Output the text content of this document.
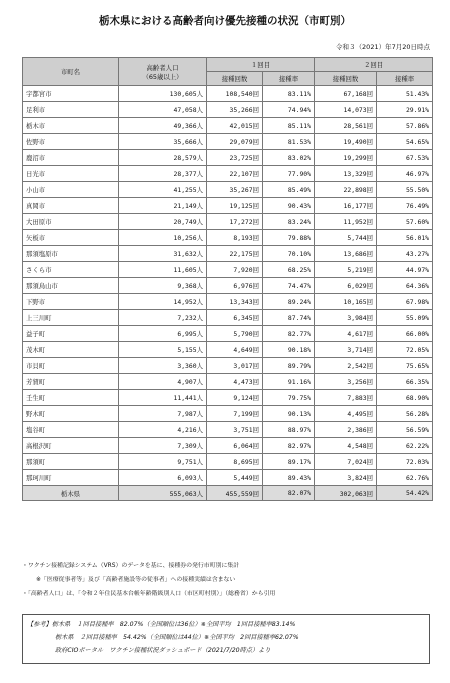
栃木県における高齢者向け優先接種の状況（市町別）
令和３（2021）年7月20日時点
市町名	高齢者人口
（65歳以上）	１回目		２回目	
		接種回数	接種率	接種回数	接種率
宇都宮市	130,605人	108,540回	83.11%	67,168回	51.43%
足利市	47,058人	35,266回	74.94%	14,073回	29.91%
栃木市	49,366人	42,015回	85.11%	28,561回	57.86%
佐野市	35,666人	29,079回	81.53%	19,490回	54.65%
鹿沼市	28,579人	23,725回	83.02%	19,299回	67.53%
日光市	28,377人	22,107回	77.90%	13,329回	46.97%
小山市	41,255人	35,267回	85.49%	22,898回	55.50%
真岡市	21,149人	19,125回	90.43%	16,177回	76.49%
大田原市	20,749人	17,272回	83.24%	11,952回	57.60%
矢板市	10,256人	8,193回	79.88%	5,744回	56.01%
那須塩原市	31,632人	22,175回	70.10%	13,686回	43.27%
さくら市	11,605人	7,920回	68.25%	5,219回	44.97%
那須烏山市	9,368人	6,976回	74.47%	6,029回	64.36%
下野市	14,952人	13,343回	89.24%	10,165回	67.98%
上三川町	7,232人	6,345回	87.74%	3,984回	55.09%
益子町	6,995人	5,790回	82.77%	4,617回	66.00%
茂木町	5,155人	4,649回	90.18%	3,714回	72.05%
市貝町	3,360人	3,017回	89.79%	2,542回	75.65%
芳賀町	4,907人	4,473回	91.16%	3,256回	66.35%
壬生町	11,441人	9,124回	79.75%	7,883回	68.90%
野木町	7,987人	7,199回	90.13%	4,495回	56.28%
塩谷町	4,216人	3,751回	88.97%	2,386回	56.59%
高根沢町	7,309人	6,064回	82.97%	4,548回	62.22%
那須町	9,751人	8,695回	89.17%	7,024回	72.03%
那珂川町	6,093人	5,449回	89.43%	3,824回	62.76%
栃木県	555,063人	455,559回	82.07%	302,063回	54.42%
・ワクチン接種記録システム（VRS）のデータを基に、接種券の発行市町別に集計
※「医療従事者等」及び「高齢者施設等の従事者」への接種実績は含まない
・「高齢者人口」は、「令和２年住民基本台帳年齢階級別人口（市区町村別）」（総務省）から引用
【参考】栃木県　１回目接種率　82.07%（全国順位は36位）※全国平均　1回目接種率83.14%
栃木県　２回目接種率　54.42%（全国順位は44位）※全国平均　2回目接種率62.07%
政府CIOポータル　ワクチン接種状況ダッシュボード（2021/7/20時点）より
